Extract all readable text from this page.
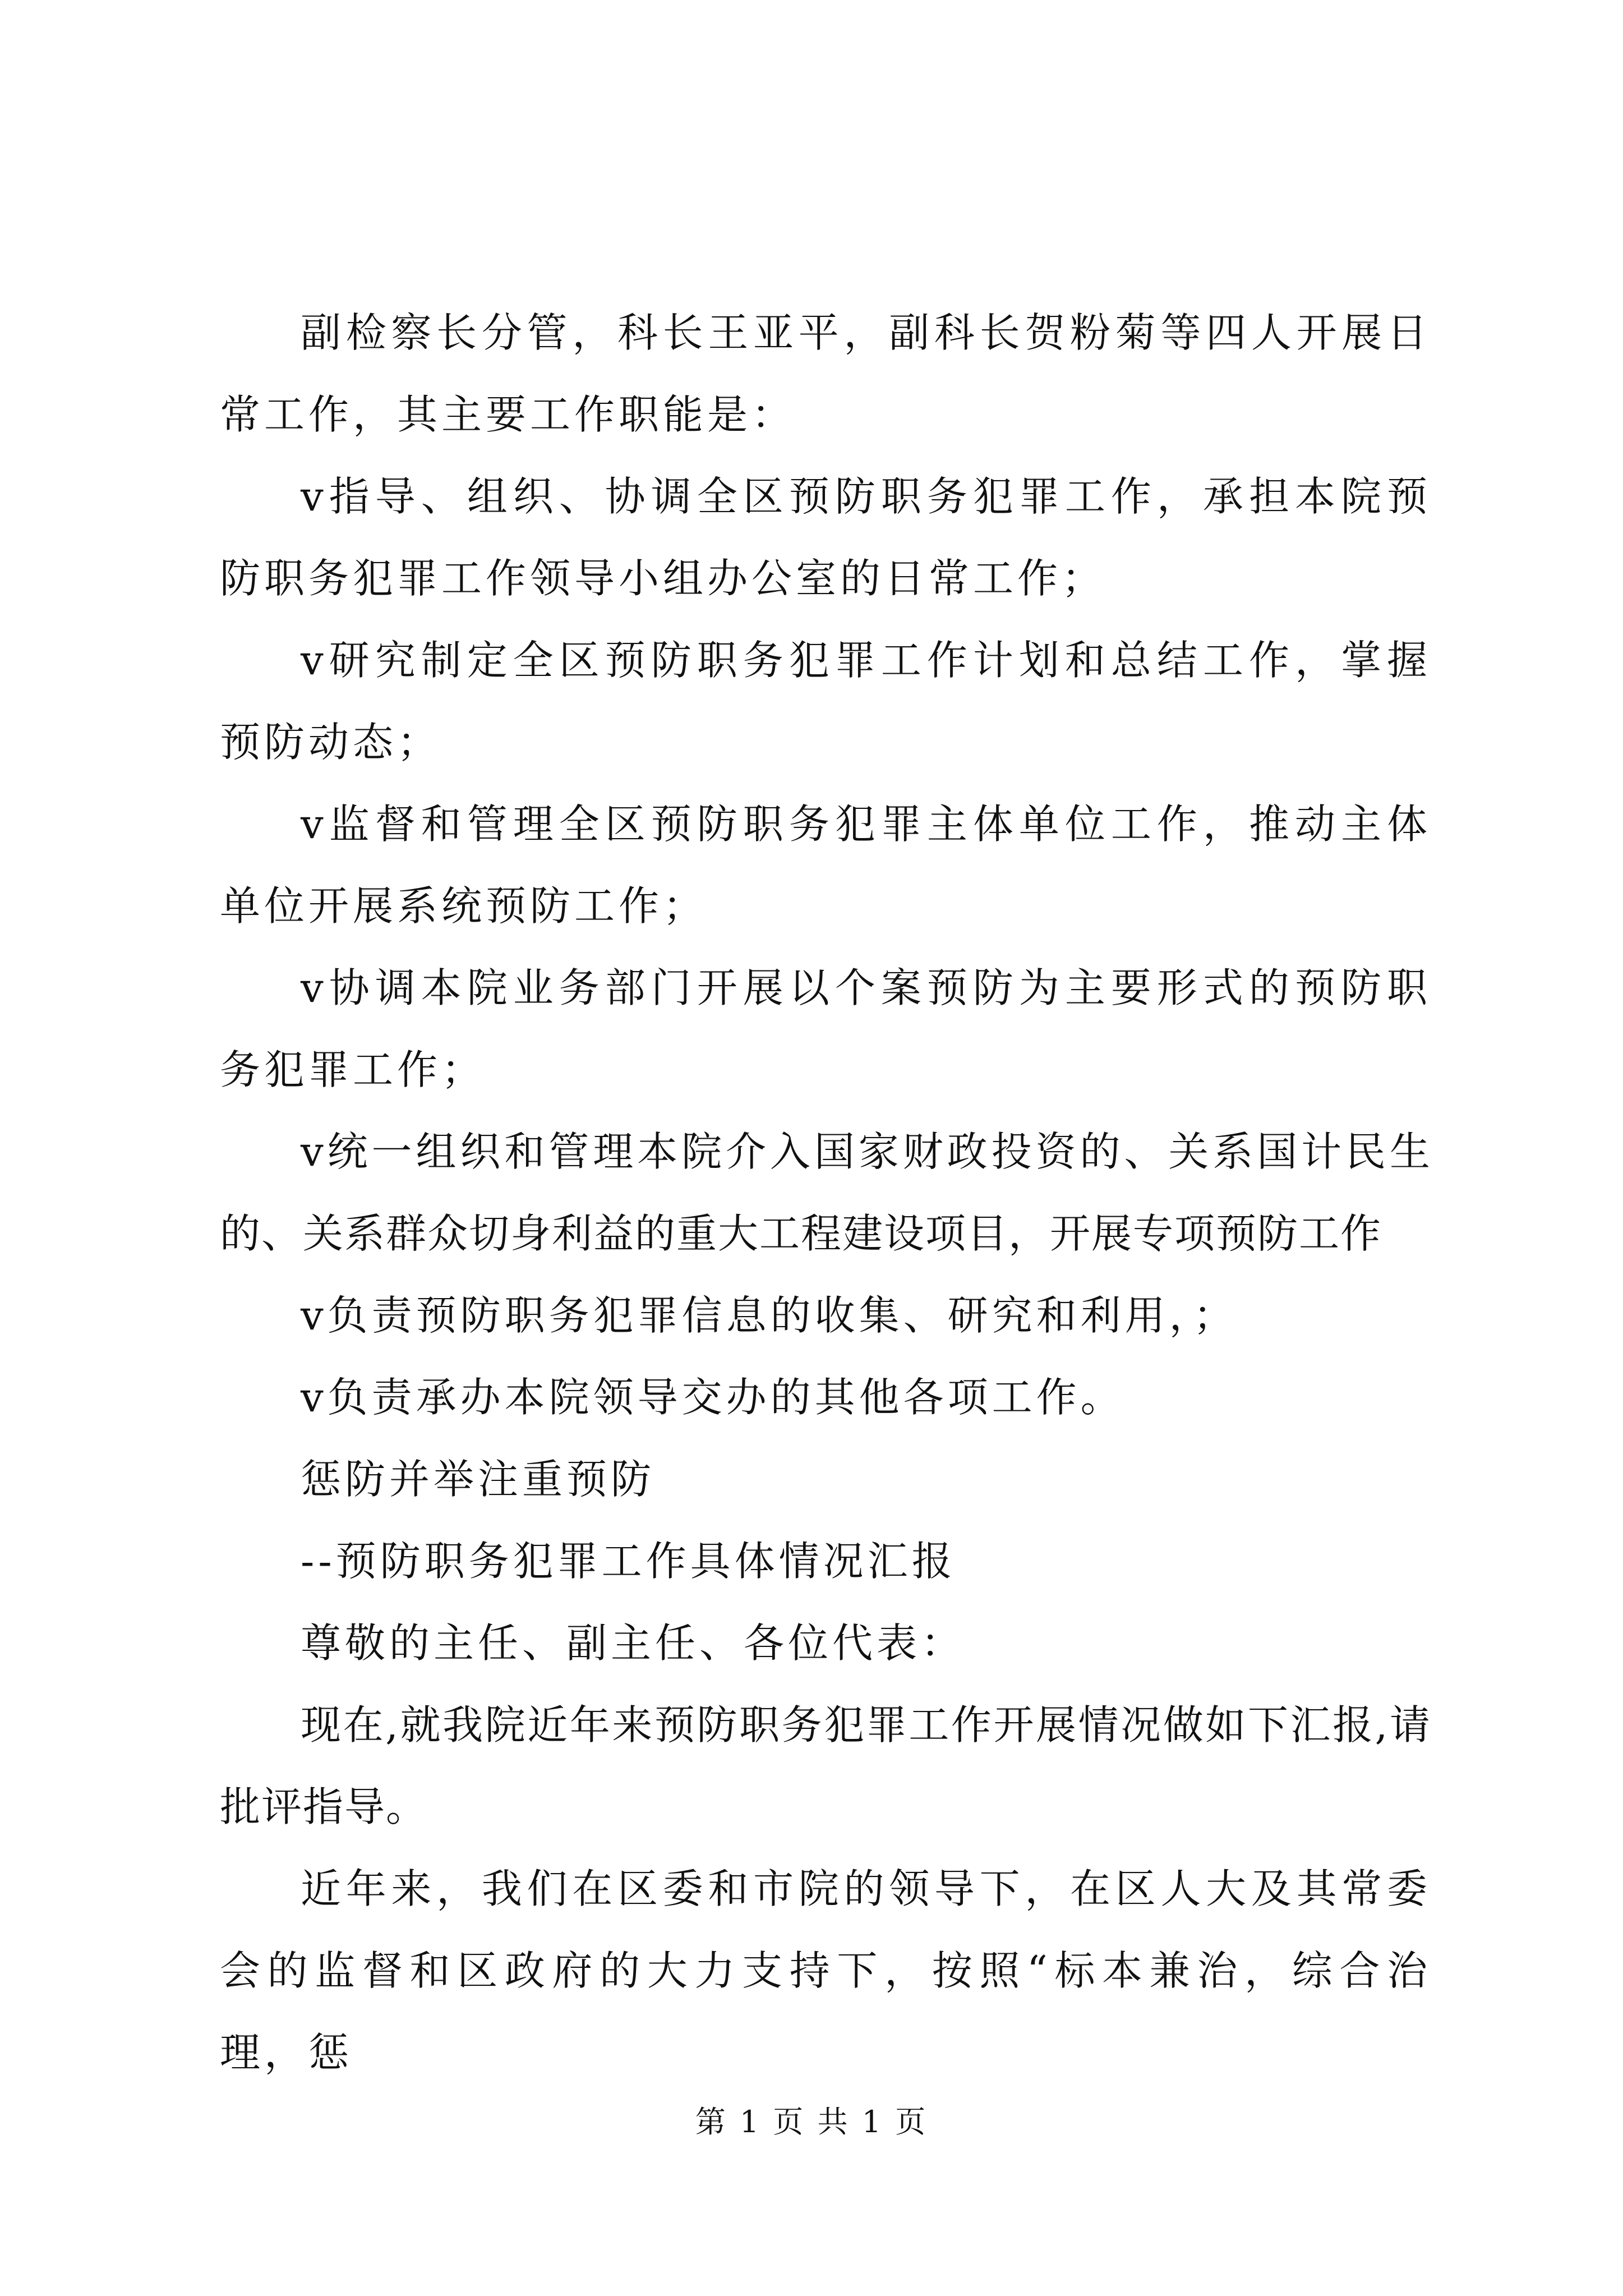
副检察长分管，科长王亚平，副科长贺粉菊等四人开展日常工作，其主要工作职能是：

v指导、组织、协调全区预防职务犯罪工作，承担本院预防职务犯罪工作领导小组办公室的日常工作；

v研究制定全区预防职务犯罪工作计划和总结工作，掌握预防动态；

v监督和管理全区预防职务犯罪主体单位工作，推动主体单位开展系统预防工作；

v协调本院业务部门开展以个案预防为主要形式的预防职务犯罪工作；

v统一组织和管理本院介入国家财政投资的、关系国计民生的、关系群众切身利益的重大工程建设项目，开展专项预防工作

v负责预防职务犯罪信息的收集、研究和利用，；

v负责承办本院领导交办的其他各项工作。

惩防并举注重预防

--预防职务犯罪工作具体情况汇报

尊敬的主任、副主任、各位代表：

现在,就我院近年来预防职务犯罪工作开展情况做如下汇报,请批评指导。

近年来，我们在区委和市院的领导下，在区人大及其常委会的监督和区政府的大力支持下，按照“标本兼治，综合治理，惩

第 1 页 共 1 页
